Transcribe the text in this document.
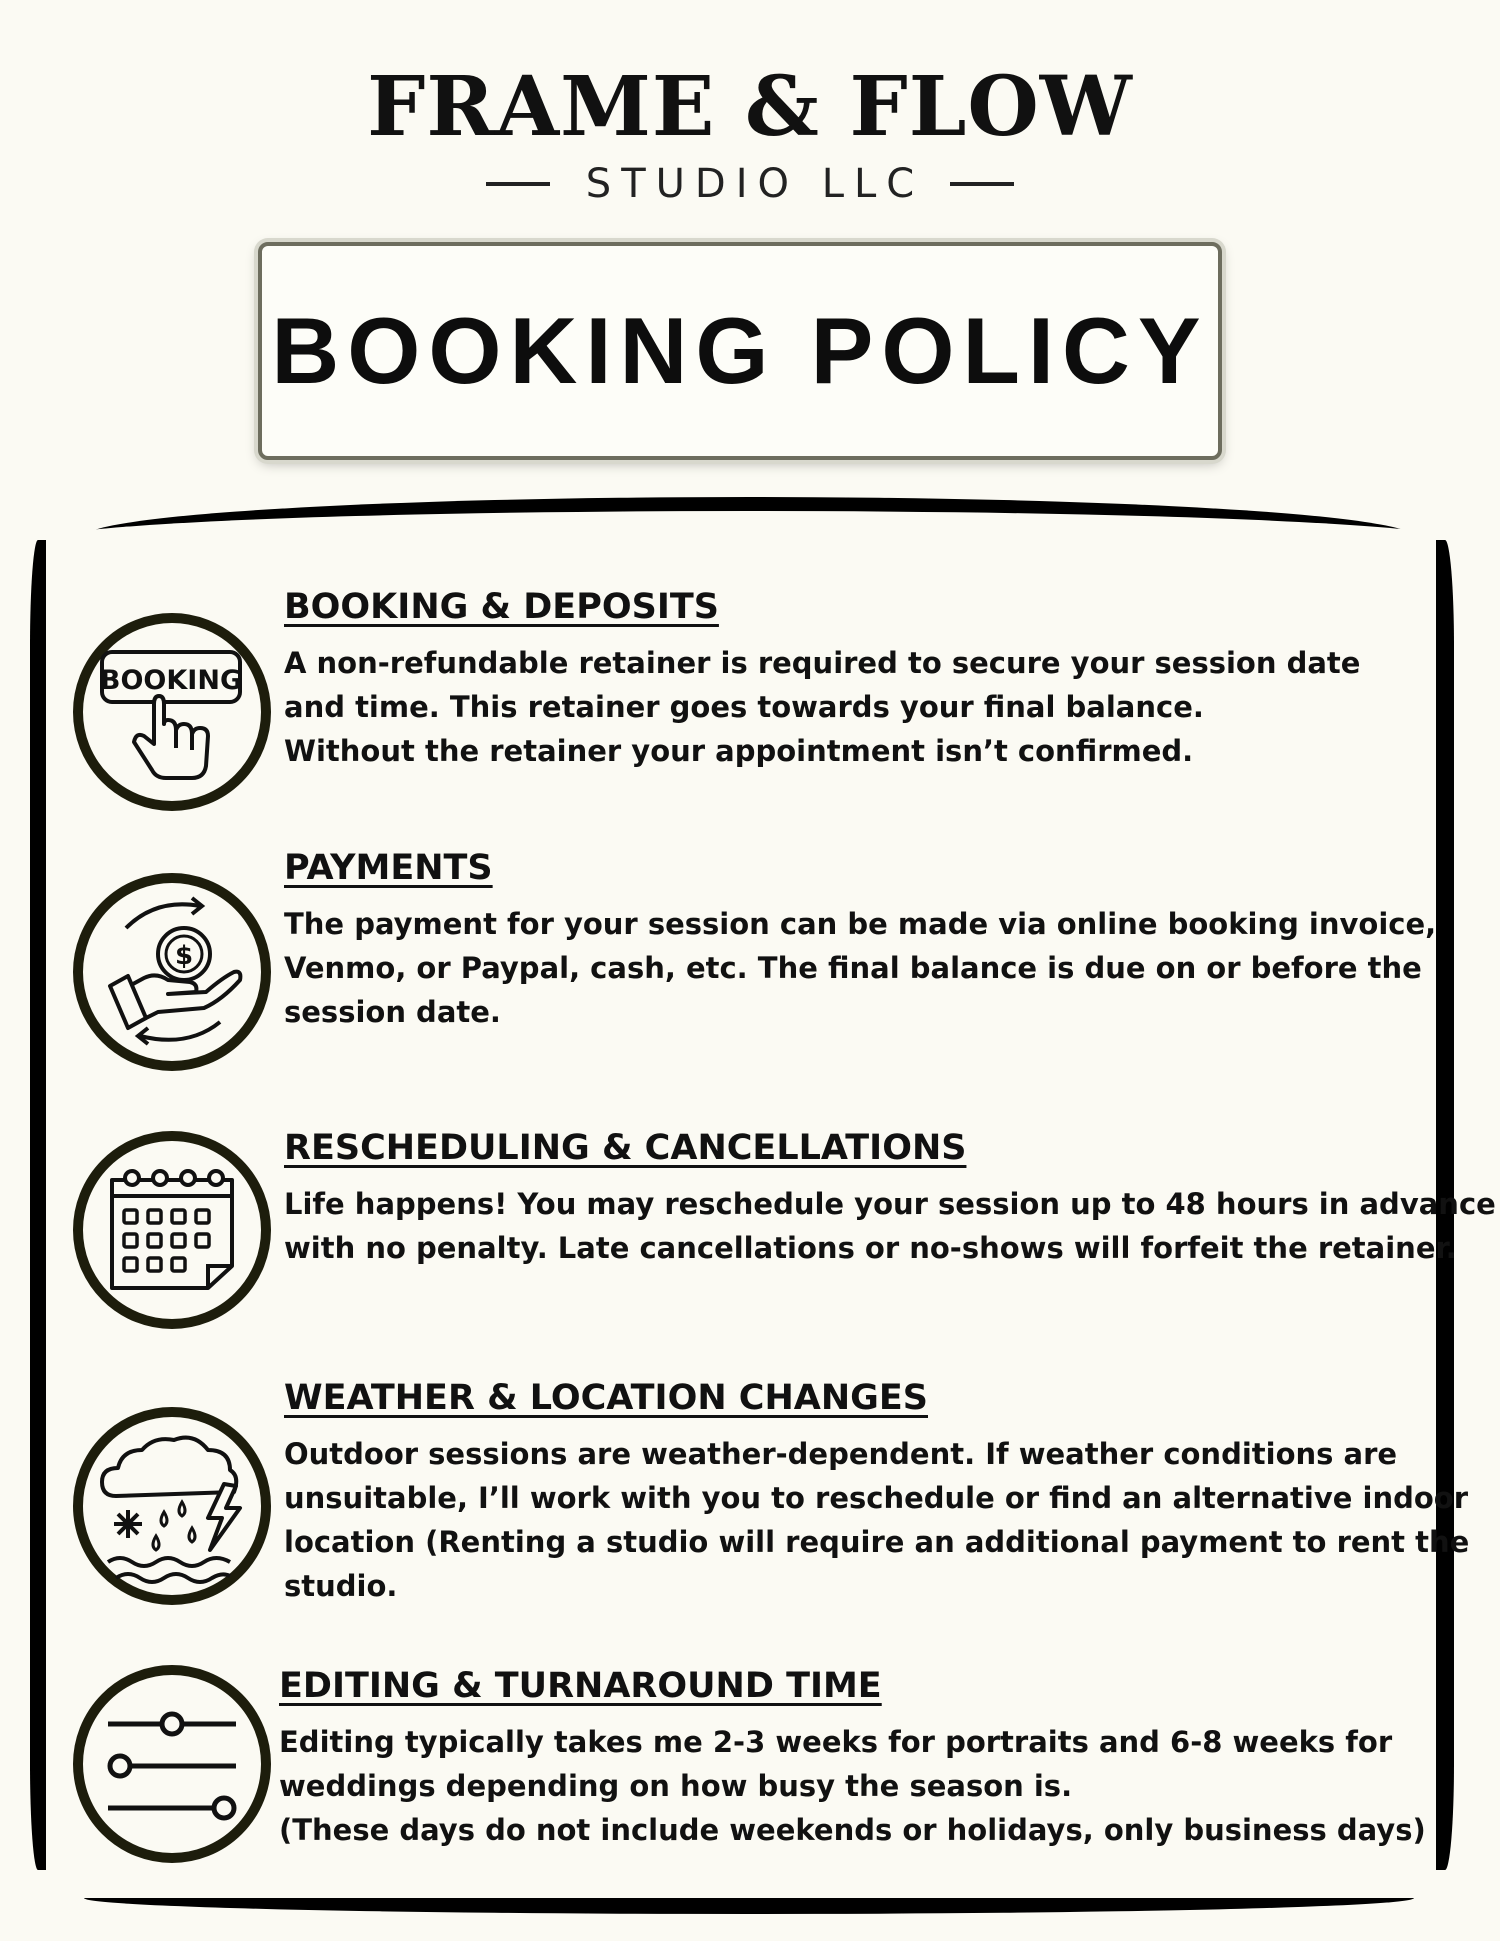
FRAME & FLOW
STUDIO LLC
BOOKING POLICY
BOOKING
BOOKING & DEPOSITS
A non-refundable retainer is required to secure your session date
and time. This retainer goes towards your final balance.
Without the retainer your appointment isn’t confirmed.
$
PAYMENTS
The payment for your session can be made via online booking invoice,
Venmo, or Paypal, cash, etc. The final balance is due on or before the
session date.
RESCHEDULING & CANCELLATIONS
Life happens! You may reschedule your session up to 48 hours in advance
with no penalty. Late cancellations or no-shows will forfeit the retainer.
WEATHER & LOCATION CHANGES
Outdoor sessions are weather-dependent. If weather conditions are
unsuitable, I’ll work with you to reschedule or find an alternative indoor
location (Renting a studio will require an additional payment to rent the
studio.
EDITING & TURNAROUND TIME
Editing typically takes me 2-3 weeks for portraits and 6-8 weeks for
weddings depending on how busy the season is.
(These days do not include weekends or holidays, only business days)
